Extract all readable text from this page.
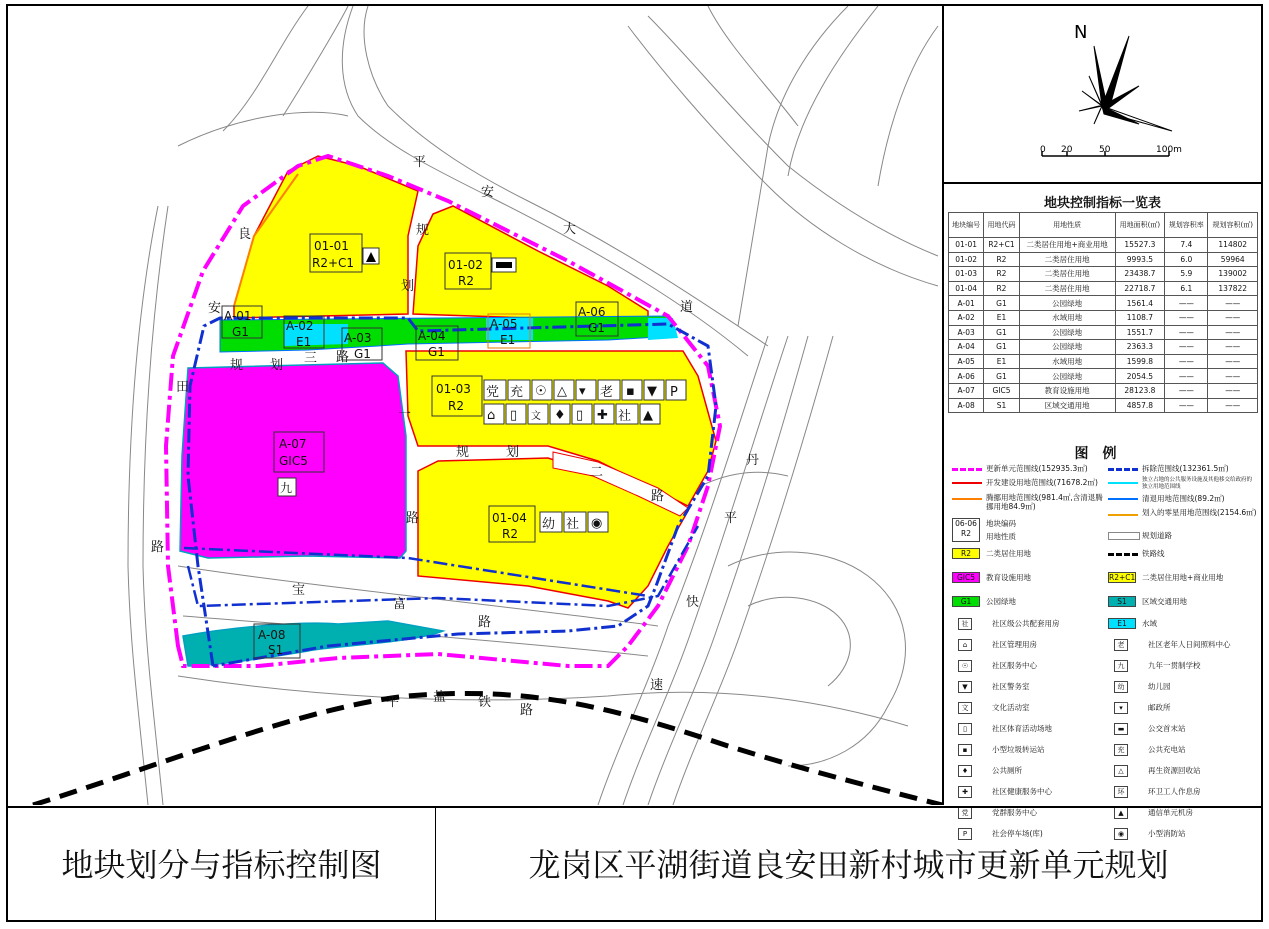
平
安
大
道
良
安
田
路
规
划
一
路
规 划 三 路
规	划
二
路
宝
富
路
丹
平
快
速
平	盐 铁
路
01-01
R2+C1	01-02
R2
01-03
R2
01-04
R2
A-07
GIC5
九
A-08
S1
A-01
G1	A-02
E1	A-03
G1
A-04
G1
A-05
E1
A-06
G1
党 充 ☉ △ ▾ 老 ▪ ▼ P
⌂ ▯ 文 ♦ ▯ ✚ 社 ▲
幼 社 ◉
N
0 20	50	100m
地块控制指标一览表
地块编号	用地代码	用地性质	用地面积(㎡)	规划容积率	规划容积(㎡)
01-01	R2+C1	二类居住用地+商业用地	15527.3	7.4	114802
01-02	R2	二类居住用地	9993.5	6.0	59964
01-03	R2	二类居住用地	23438.7	5.9	139002
01-04	R2	二类居住用地	22718.7	6.1	137822
A-01	G1	公园绿地	1561.4	——	——
A-02	E1	水域用地	1108.7	——	——
A-03	G1	公园绿地	1551.7	——	——
A-04	G1	公园绿地	2363.3	——	——
A-05	E1	水域用地	1599.8	——	——
A-06	G1	公园绿地	2054.5	——	——
A-07	GIC5	教育设施用地	28123.8	——	——
A-08	S1	区域交通用地	4857.8	——	——
图例
更新单元范围线(152935.3㎡)	拆除范围线(132361.5㎡)
开发建设用地范围线(71678.2㎡)	独立占地的公共服务设施及其他移交给政府的独立用地范围线
腾挪用地范围线(981.4㎡,含清退腾挪用地84.9㎡)
清退用地范围线(89.2㎡)
划入的零星用地范围线(2154.6㎡)
06-06
R2
地块编码
用地性质	规划道路
R2	二类居住用地
R2+C1 二类居住用地+商业用地
GIC5	教育设施用地
S1	区域交通用地
G1	公园绿地
E1	水域
铁路线
社	社区级公共配套用房
⌂	社区管理用房
☉	社区服务中心
▼	社区警务室
文	文化活动室
▯	社区体育活动场地
▪	小型垃圾转运站
♦	公共厕所
✚	社区健康服务中心
党	党群服务中心
P	社会停车场(库)
老	社区老年人日间照料中心
九	九年一贯制学校
幼	幼儿园
▾	邮政所
▬	公交首末站
充	公共充电站
△	再生资源回收站
环	环卫工人作息房
▲	通信单元机房
◉	小型消防站
地块划分与指标控制图	龙岗区平湖街道良安田新村城市更新单元规划
